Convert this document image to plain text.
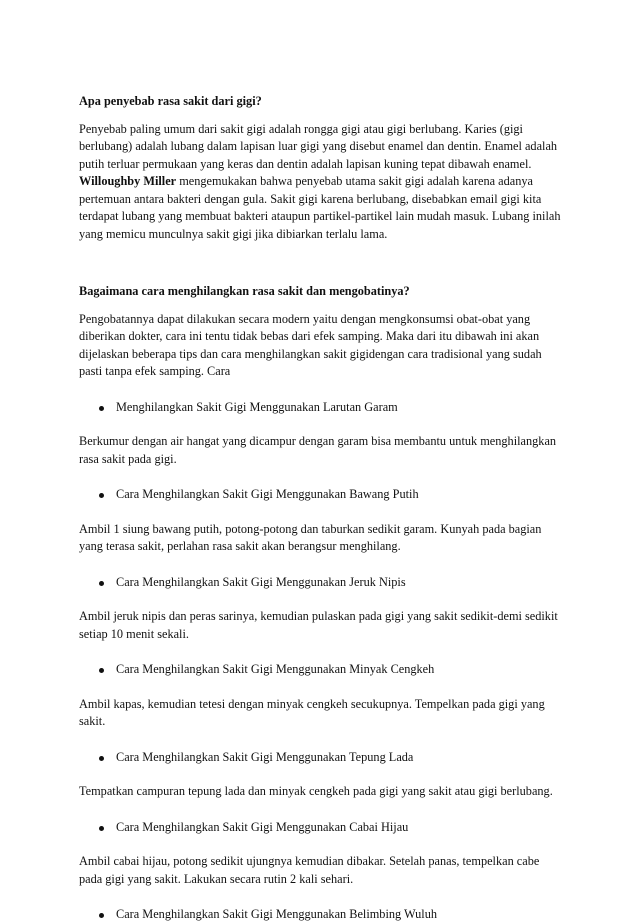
Apa penyebab rasa sakit dari gigi?

Penyebab paling umum dari sakit gigi adalah rongga gigi atau gigi berlubang. Karies (gigi berlubang) adalah lubang dalam lapisan luar gigi yang disebut enamel dan dentin. Enamel adalah putih terluar permukaan yang keras dan dentin adalah lapisan kuning tepat dibawah enamel. Willoughby Miller mengemukakan bahwa penyebab utama sakit gigi adalah karena adanya pertemuan antara bakteri dengan gula. Sakit gigi karena berlubang, disebabkan email gigi kita terdapat lubang yang membuat bakteri ataupun partikel-partikel lain mudah masuk. Lubang inilah yang memicu munculnya sakit gigi jika dibiarkan terlalu lama.

Bagaimana cara menghilangkan rasa sakit dan mengobatinya?

Pengobatannya dapat dilakukan secara modern yaitu dengan mengkonsumsi obat-obat yang diberikan dokter, cara ini tentu tidak bebas dari efek samping. Maka dari itu dibawah ini akan dijelaskan beberapa tips dan cara menghilangkan sakit gigidengan cara tradisional yang sudah pasti tanpa efek samping. Cara

Menghilangkan Sakit Gigi Menggunakan Larutan Garam

Berkumur dengan air hangat yang dicampur dengan garam bisa membantu untuk menghilangkan rasa sakit pada gigi.

Cara Menghilangkan Sakit Gigi Menggunakan Bawang Putih

Ambil 1 siung bawang putih, potong-potong dan taburkan sedikit garam. Kunyah pada bagian yang terasa sakit, perlahan rasa sakit akan berangsur menghilang.

Cara Menghilangkan Sakit Gigi Menggunakan Jeruk Nipis

Ambil jeruk nipis dan peras sarinya, kemudian pulaskan pada gigi yang sakit sedikit-demi sedikit setiap 10 menit sekali.

Cara Menghilangkan Sakit Gigi Menggunakan Minyak Cengkeh

Ambil kapas, kemudian tetesi dengan minyak cengkeh secukupnya. Tempelkan pada gigi yang sakit.

Cara Menghilangkan Sakit Gigi Menggunakan Tepung Lada

Tempatkan campuran tepung lada dan minyak cengkeh pada gigi yang sakit atau gigi berlubang.

Cara Menghilangkan Sakit Gigi Menggunakan Cabai Hijau

Ambil cabai hijau, potong sedikit ujungnya kemudian dibakar. Setelah panas, tempelkan cabe pada gigi yang sakit. Lakukan secara rutin 2 kali sehari.

Cara Menghilangkan Sakit Gigi Menggunakan Belimbing Wuluh
